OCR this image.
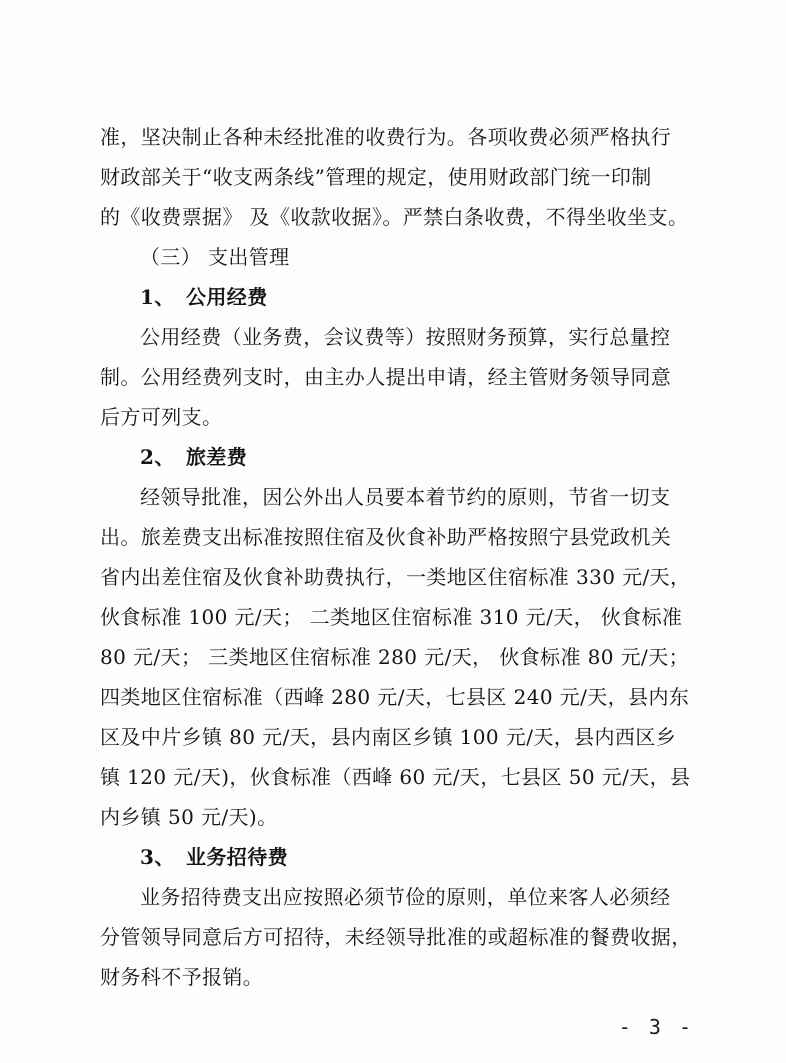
准，坚决制止各种未经批准的收费行为。各项收费必须严格执行
财政部关于“收支两条线”管理的规定，使用财政部门统一印制
的《收费票据》 及《收款收据》。严禁白条收费，不得坐收坐支。
（三） 支出管理
1、 公用经费
公用经费（业务费，会议费等）按照财务预算，实行总量控
制。公用经费列支时，由主办人提出申请，经主管财务领导同意
后方可列支。
2、 旅差费
经领导批准，因公外出人员要本着节约的原则，节省一切支
出。旅差费支出标准按照住宿及伙食补助严格按照宁县党政机关
省内出差住宿及伙食补助费执行，一类地区住宿标准 330 元/天，
伙食标准 100 元/天； 二类地区住宿标准 310 元/天， 伙食标准
80 元/天； 三类地区住宿标准 280 元/天， 伙食标准 80 元/天；
四类地区住宿标准（西峰 280 元/天，七县区 240 元/天，县内东
区及中片乡镇 80 元/天，县内南区乡镇 100 元/天，县内西区乡
镇 120 元/天)，伙食标准（西峰 60 元/天，七县区 50 元/天，县
内乡镇 50 元/天)。
3、 业务招待费
业务招待费支出应按照必须节俭的原则，单位来客人必须经
分管领导同意后方可招待，未经领导批准的或超标准的餐费收据，
财务科不予报销。
- 3 -
